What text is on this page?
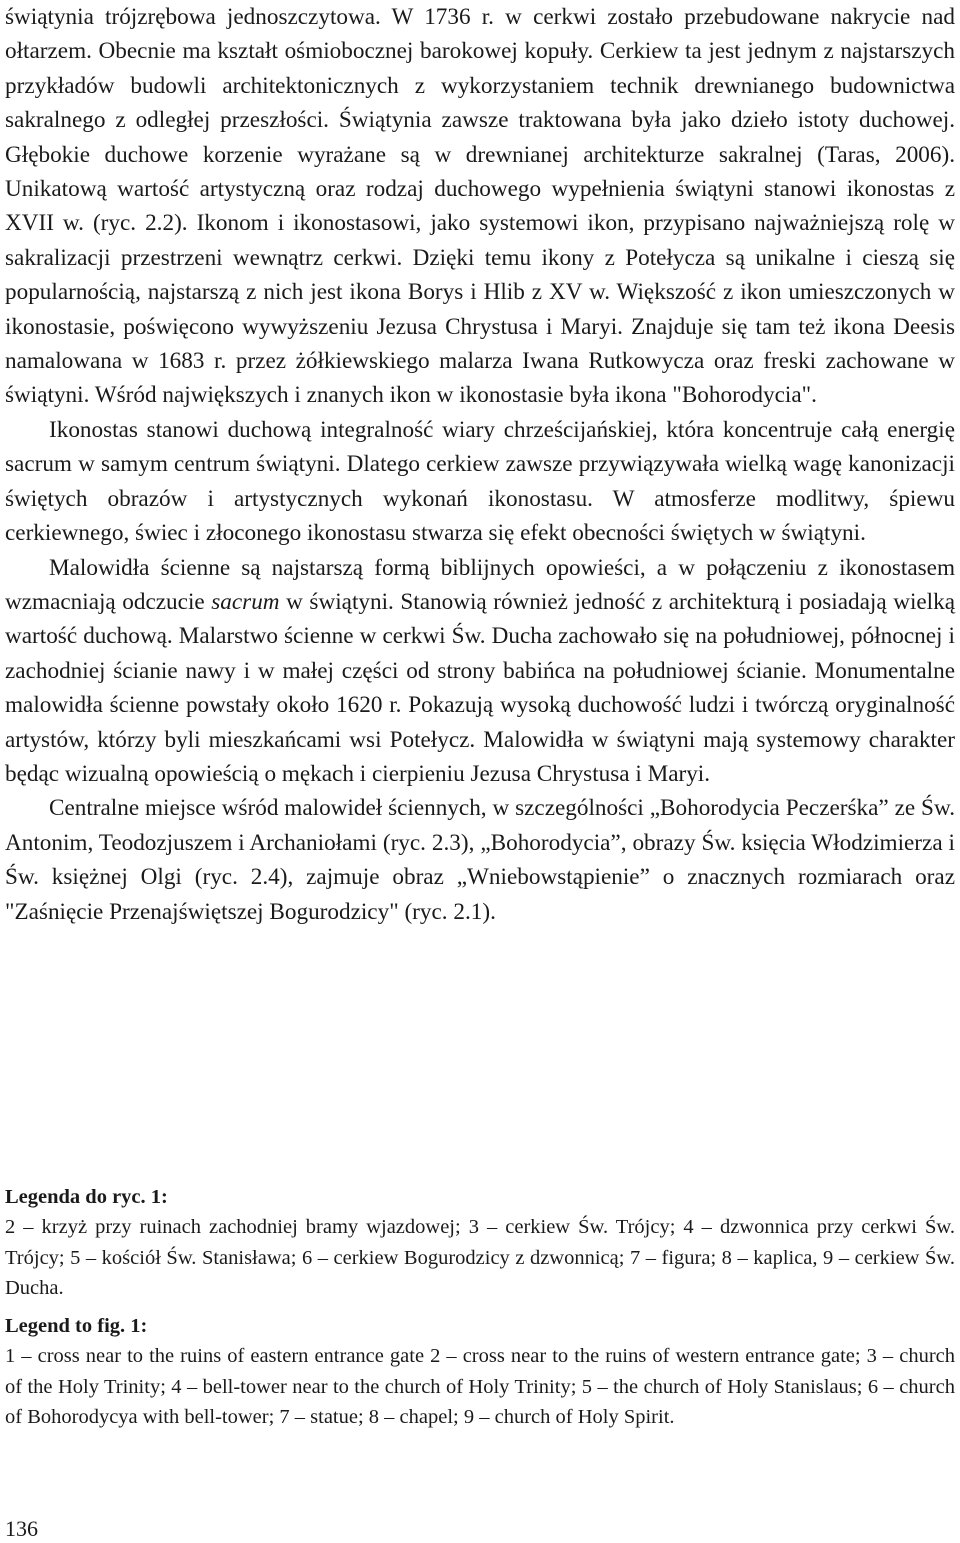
świątynia trójzrębowa jednoszczytowa. W 1736 r. w cerkwi zostało przebudowane nakrycie nad ołtarzem. Obecnie ma kształt ośmiobocznej barokowej kopuły. Cerkiew ta jest jednym z najstarszych przykładów budowli architektonicznych z wykorzystaniem technik drewnianego budownictwa sakralnego z odległej przeszłości. Świątynia zawsze traktowana była jako dzieło istoty duchowej. Głębokie duchowe korzenie wyrażane są w drewnianej architekturze sakralnej (Taras, 2006). Unikatową wartość artystyczną oraz rodzaj duchowego wypełnienia świątyni stanowi ikonostas z XVII w. (ryc. 2.2). Ikonom i ikonostasowi, jako systemowi ikon, przypisano najważniejszą rolę w sakralizacji przestrzeni wewnątrz cerkwi. Dzięki temu ikony z Potełycza są unikalne i cieszą się popularnością, najstarszą z nich jest ikona Borys i Hlib z XV w. Większość z ikon umieszczonych w ikonostasie, poświęcono wywyższeniu Jezusa Chrystusa i Maryi. Znajduje się tam też ikona Deesis namalowana w 1683 r. przez żółkiewskiego malarza Iwana Rutkowycza oraz freski zachowane w świątyni. Wśród największych i znanych ikon w ikonostasie była ikona "Bohorodycia".

Ikonostas stanowi duchową integralność wiary chrześcijańskiej, która koncentruje całą energię sacrum w samym centrum świątyni. Dlatego cerkiew zawsze przywiązywała wielką wagę kanonizacji świętych obrazów i artystycznych wykonań ikonostasu. W atmosferze modlitwy, śpiewu cerkiewnego, świec i złoconego ikonostasu stwarza się efekt obecności świętych w świątyni.

Malowidła ścienne są najstarszą formą biblijnych opowieści, a w połączeniu z ikonostasem wzmacniają odczucie sacrum w świątyni. Stanowią również jedność z architekturą i posiadają wielką wartość duchową. Malarstwo ścienne w cerkwi Św. Ducha zachowało się na południowej, północnej i zachodniej ścianie nawy i w małej części od strony babińca na południowej ścianie. Monumentalne malowidła ścienne powstały około 1620 r. Pokazują wysoką duchowość ludzi i twórczą oryginalność artystów, którzy byli mieszkańcami wsi Potełycz. Malowidła w świątyni mają systemowy charakter będąc wizualną opowieścią o mękach i cierpieniu Jezusa Chrystusa i Maryi.

Centralne miejsce wśród malowideł ściennych, w szczególności „Bohorodycia Peczerśka” ze Św. Antonim, Teodozjuszem i Archaniołami (ryc. 2.3), „Bohorodycia”, obrazy Św. księcia Włodzimierza i Św. księżnej Olgi (ryc. 2.4), zajmuje obraz „Wniebowstąpienie” o znacznych rozmiarach oraz "Zaśnięcie Przenajświętszej Bogurodzicy" (ryc. 2.1).

Legenda do ryc. 1:

2 – krzyż przy ruinach zachodniej bramy wjazdowej; 3 – cerkiew Św. Trójcy; 4 – dzwonnica przy cerkwi Św. Trójcy; 5 – kościół Św. Stanisława; 6 – cerkiew Bogurodzicy z dzwonnicą; 7 – figura; 8 – kaplica, 9 – cerkiew Św. Ducha.

Legend to fig. 1:

1 – cross near to the ruins of eastern entrance gate 2 – cross near to the ruins of western entrance gate; 3 – church of the Holy Trinity; 4 – bell-tower near to the church of Holy Trinity; 5 – the church of Holy Stanislaus; 6 – church of Bohorodycya with bell-tower; 7 – statue; 8 – chapel; 9 – church of Holy Spirit.

136
